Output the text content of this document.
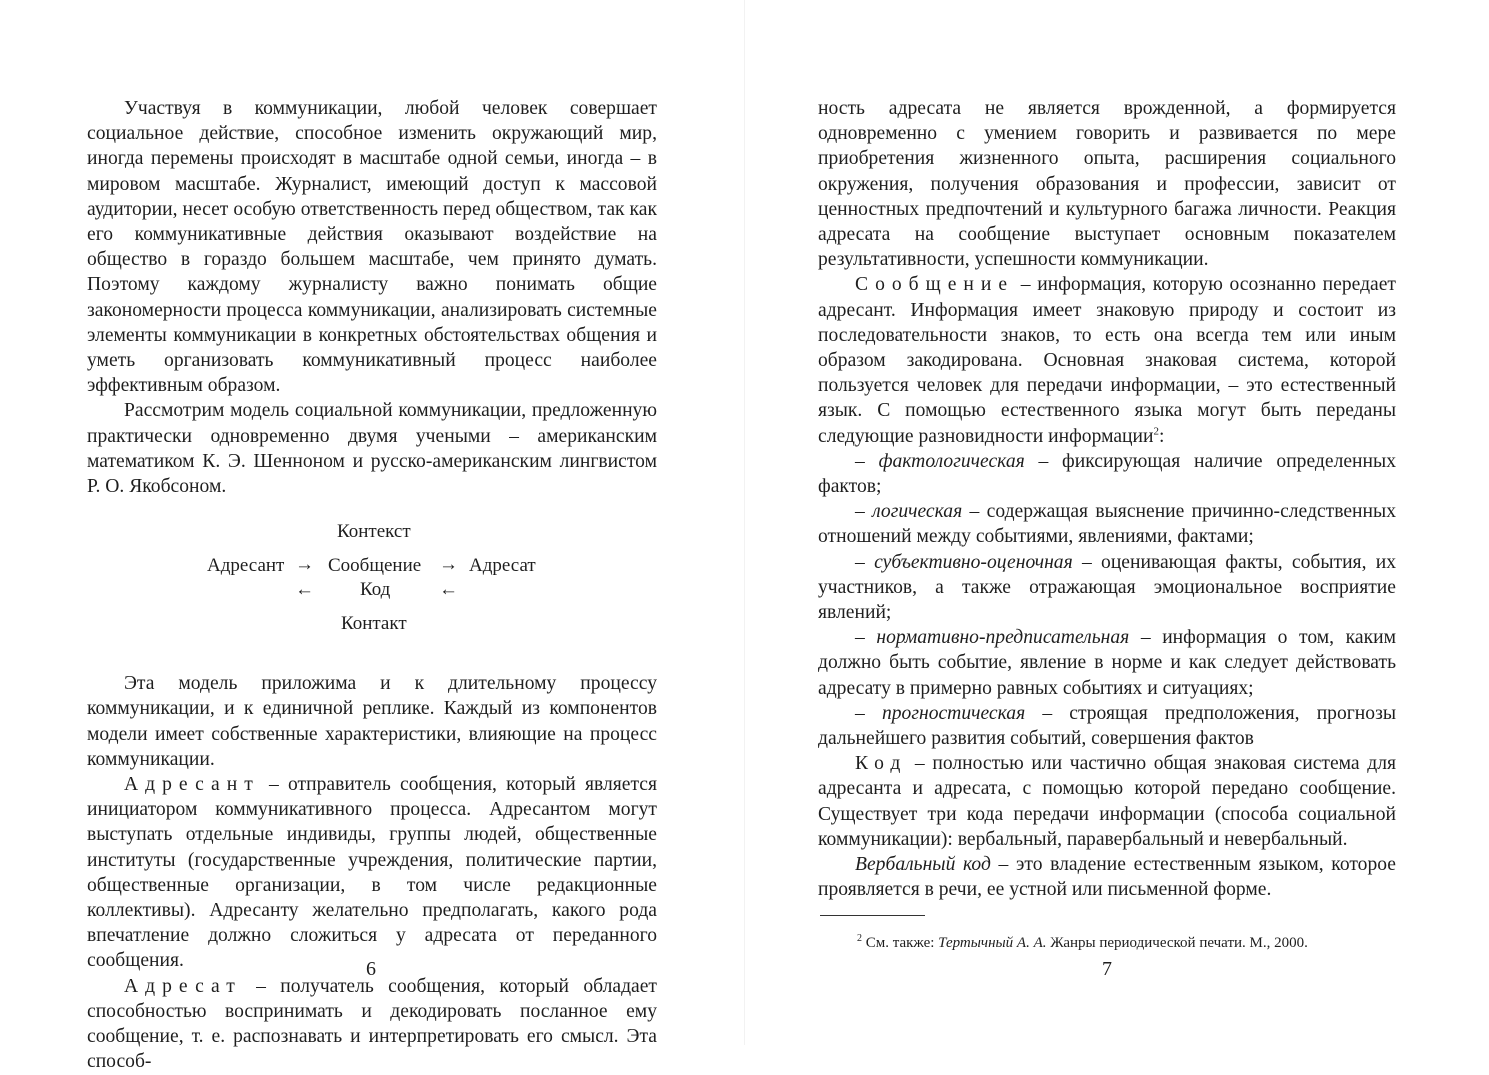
Участвуя в коммуникации, любой человек совершает социальное действие, способное изменить окружающий мир, иногда перемены происходят в масштабе одной семьи, иногда – в мировом масштабе. Журналист, имеющий доступ к массовой аудитории, несет особую ответственность перед обществом, так как его коммуникативные действия оказывают воздействие на общество в гораздо большем масштабе, чем принято думать. Поэтому каждому журналисту важно понимать общие закономерности процесса коммуникации, анализировать системные элементы коммуникации в конкретных обстоятельствах общения и уметь организовать коммуникативный процесс наиболее эффективным образом.

Рассмотрим модель социальной коммуникации, предложенную практически одновременно двумя учеными – американским математиком К. Э. Шенноном и русско-американским лингвистом Р. О. Якобсоном.

Контекст
Адресант → Сообщение → Адресат
← Код	←
Контакт

Эта модель приложима и к длительному процессу коммуникации, и к единичной реплике. Каждый из компонентов модели имеет собственные характеристики, влияющие на процесс коммуникации.

Адресант – отправитель сообщения, который является инициатором коммуникативного процесса. Адресантом могут выступать отдельные индивиды, группы людей, общественные институты (государственные учреждения, политические партии, общественные организации, в том числе редакционные коллективы). Адресанту желательно предполагать, какого рода впечатление должно сложиться у адресата от переданного сообщения.

Адресат – получатель сообщения, который обладает способностью воспринимать и декодировать посланное ему сообщение, т. е. распознавать и интерпретировать его смысл. Эта способ-

6

ность адресата не является врожденной, а формируется одновременно с умением говорить и развивается по мере приобретения жизненного опыта, расширения социального окружения, получения образования и профессии, зависит от ценностных предпочтений и культурного багажа личности. Реакция адресата на сообщение выступает основным показателем результативности, успешности коммуникации.

Сообщение – информация, которую осознанно передает адресант. Информация имеет знаковую природу и состоит из последовательности знаков, то есть она всегда тем или иным образом закодирована. Основная знаковая система, которой пользуется человек для передачи информации, – это естественный язык. С помощью естественного языка могут быть переданы следующие разновидности информации$^2$:

– фактологическая – фиксирующая наличие определенных фактов;

– логическая – содержащая выяснение причинно-следственных отношений между событиями, явлениями, фактами;

– субъективно-оценочная – оценивающая факты, события, их участников, а также отражающая эмоциональное восприятие явлений;

– нормативно-предписательная – информация о том, каким должно быть событие, явление в норме и как следует действовать адресату в примерно равных событиях и ситуациях;

– прогностическая – строящая предположения, прогнозы дальнейшего развития событий, совершения фактов

Код – полностью или частично общая знаковая система для адресанта и адресата, с помощью которой передано сообщение. Существует три кода передачи информации (способа социальной коммуникации): вербальный, паравербальный и невербальный.

Вербальный код – это владение естественным языком, которое проявляется в речи, ее устной или письменной форме.

$^2$ См. также: Тертычный А. А. Жанры периодической печати. М., 2000.
7
